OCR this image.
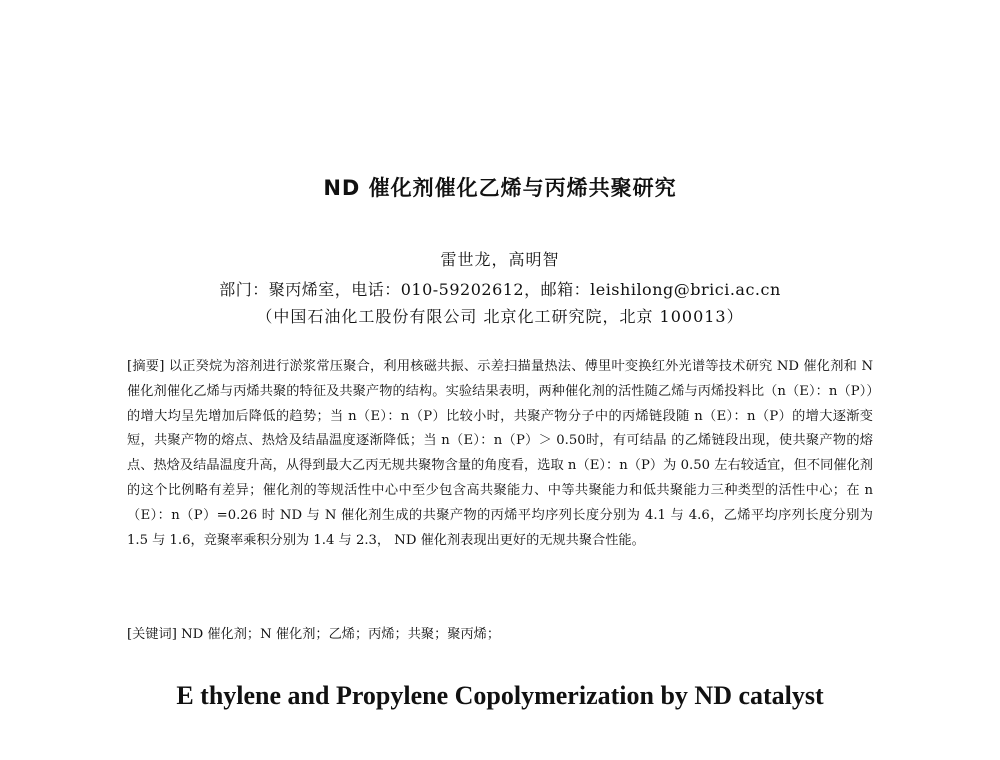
ND 催化剂催化乙烯与丙烯共聚研究
雷世龙，高明智
部门：聚丙烯室，电话：010-59202612，邮箱：leishilong@brici.ac.cn
（中国石油化工股份有限公司 北京化工研究院，北京 100013）

[摘要] 以正癸烷为溶剂进行淤浆常压聚合，利用核磁共振、示差扫描量热法、傅里叶变换红外光谱等技术研究 ND 催化剂和 N 催化剂催化乙烯与丙烯共聚的特征及共聚产物的结构。实验结果表明，两种催化剂的活性随乙烯与丙烯投料比（n（E）：n（P））的增大均呈先增加后降低的趋势；当 n（E）：n（P）比较小时，共聚产物分子中的丙烯链段随 n（E）：n（P）的增大逐渐变短，共聚产物的熔点、热焓及结晶温度逐渐降低；当 n（E）：n（P）＞ 0.50时，有可结晶 的乙烯链段出现，使共聚产物的熔点、热焓及结晶温度升高，从得到最大乙丙无规共聚物含量的角度看，选取 n（E）：n（P）为 0.50 左右较适宜，但不同催化剂的这个比例略有差异；催化剂的等规活性中心中至少包含高共聚能力、中等共聚能力和低共聚能力三种类型的活性中心；在 n（E）：n（P）=0.26 时 ND 与 N 催化剂生成的共聚产物的丙烯平均序列长度分别为 4.1 与 4.6，乙烯平均序列长度分别为 1.5 与 1.6，竞聚率乘积分别为 1.4 与 2.3， ND 催化剂表现出更好的无规共聚合性能。

[关键词] ND 催化剂；N 催化剂；乙烯；丙烯；共聚；聚丙烯；

E thylene and Propylene Copolymerization by ND catalyst
